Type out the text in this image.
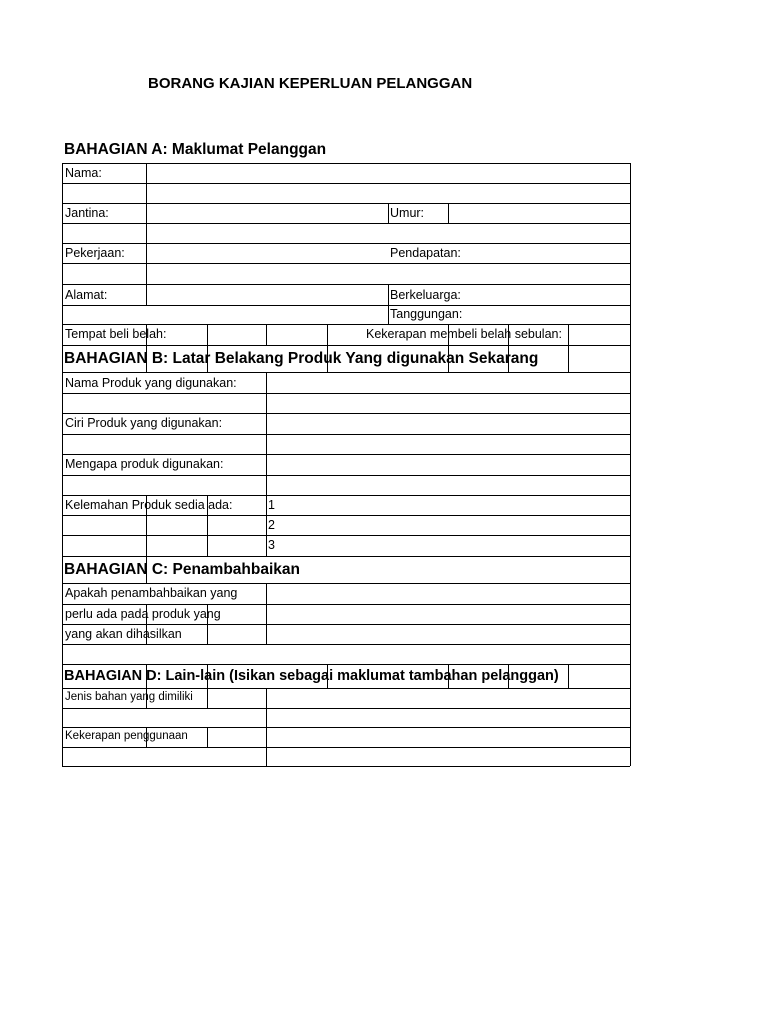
BORANG KAJIAN KEPERLUAN PELANGGAN
BAHAGIAN A: Maklumat Pelanggan
BAHAGIAN B: Latar Belakang Produk Yang digunakan Sekarang
BAHAGIAN C: Penambahbaikan
BAHAGIAN D: Lain-lain (Isikan sebagai maklumat tambahan pelanggan)
Nama:
Jantina:	Umur:
Pekerjaan:	Pendapatan:
Alamat:	Berkeluarga:
Tanggungan:
Tempat beli belah:	Kekerapan membeli belah sebulan:
Nama Produk yang digunakan:
Ciri Produk yang digunakan:
Mengapa produk digunakan:
Kelemahan Produk sedia ada:	1
2
3
Apakah penambahbaikan yang
perlu ada pada produk yang
yang akan dihasilkan
Jenis bahan yang dimiliki
Kekerapan penggunaan
